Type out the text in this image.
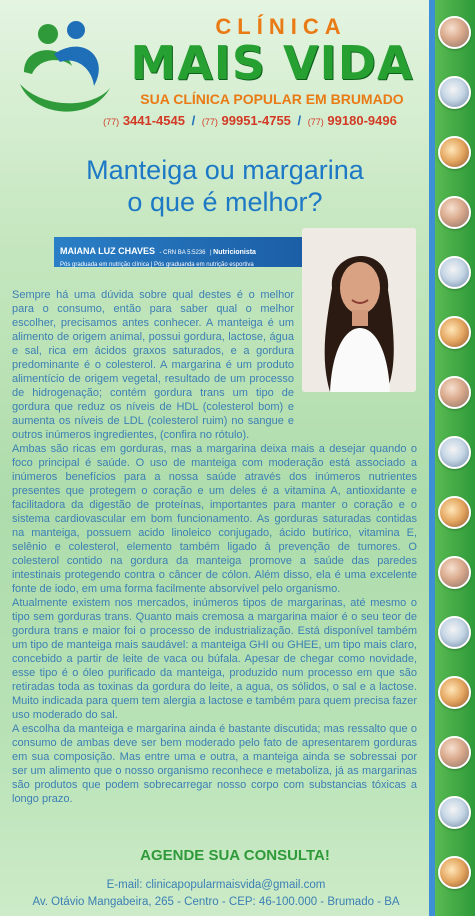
CLÍNICA
MAIS VIDA
SUA CLÍNICA POPULAR EM BRUMADO
(77) 3441-4545 / (77) 99951-4755 / (77) 99180-9496
Manteiga ou margarina
o que é melhor?
MAIANA LUZ CHAVES - CRN BA 5:5236 | Nutricionista
Pós graduada em nutrição clínica | Pós graduanda em nutrição esportiva

Sempre há uma dúvida sobre qual destes é o melhor para o consumo, então para saber qual o melhor escolher, precisamos antes conhecer. A manteiga é um alimento de origem animal, possui gordura, lactose, água e sal, rica em ácidos graxos saturados, e a gordura predominante é o colesterol. A margarina é um produto alimentício de origem vegetal, resultado de um processo de hidrogenação; contém gordura trans um tipo de gordura que reduz os níveis de HDL (colesterol bom) e aumenta os níveis de LDL (colesterol ruim) no sangue e outros inúmeros ingredientes, (confira no rótulo).

Ambas são ricas em gorduras, mas a margarina deixa mais a desejar quando o foco principal é saúde. O uso de manteiga com moderação está associado a inúmeros benefícios para a nossa saúde através dos inúmeros nutrientes presentes que protegem o coração e um deles é a vitamina A, antioxidante e facilitadora da digestão de proteínas, importantes para manter o coração e o sistema cardiovascular em bom funcionamento. As gorduras saturadas contidas na manteiga, possuem acido linoleico conjugado, ácido butírico, vitamina E, selênio e colesterol, elemento também ligado à prevenção de tumores. O colesterol contido na gordura da manteiga promove a saúde das paredes intestinais protegendo contra o câncer de cólon. Além disso, ela é uma excelente fonte de iodo, em uma forma facilmente absorvível pelo organismo.

Atualmente existem nos mercados, inúmeros tipos de margarinas, até mesmo o tipo sem gorduras trans. Quanto mais cremosa a margarina maior é o seu teor de gordura trans e maior foi o processo de industrialização. Está disponível também um tipo de manteiga mais saudável: a manteiga GHI ou GHEE, um tipo mais claro, concebido a partir de leite de vaca ou búfala. Apesar de chegar como novidade, esse tipo é o óleo purificado da manteiga, produzido num processo em que são retiradas toda as toxinas da gordura do leite, a agua, os sólidos, o sal e a lactose. Muito indicada para quem tem alergia a lactose e também para quem precisa fazer uso moderado do sal.

A escolha da manteiga e margarina ainda é bastante discutida; mas ressalto que o consumo de ambas deve ser bem moderado pelo fato de apresentarem gorduras em sua composição. Mas entre uma e outra, a manteiga ainda se sobressai por ser um alimento que o nosso organismo reconhece e metaboliza, já as margarinas são produtos que podem sobrecarregar nosso corpo com substancias tóxicas a longo prazo.

AGENDE SUA CONSULTA!
E-mail: clinicapopularmaisvida@gmail.com
Av. Otávio Mangabeira, 265 - Centro - CEP: 46-100.000 - Brumado - BA
